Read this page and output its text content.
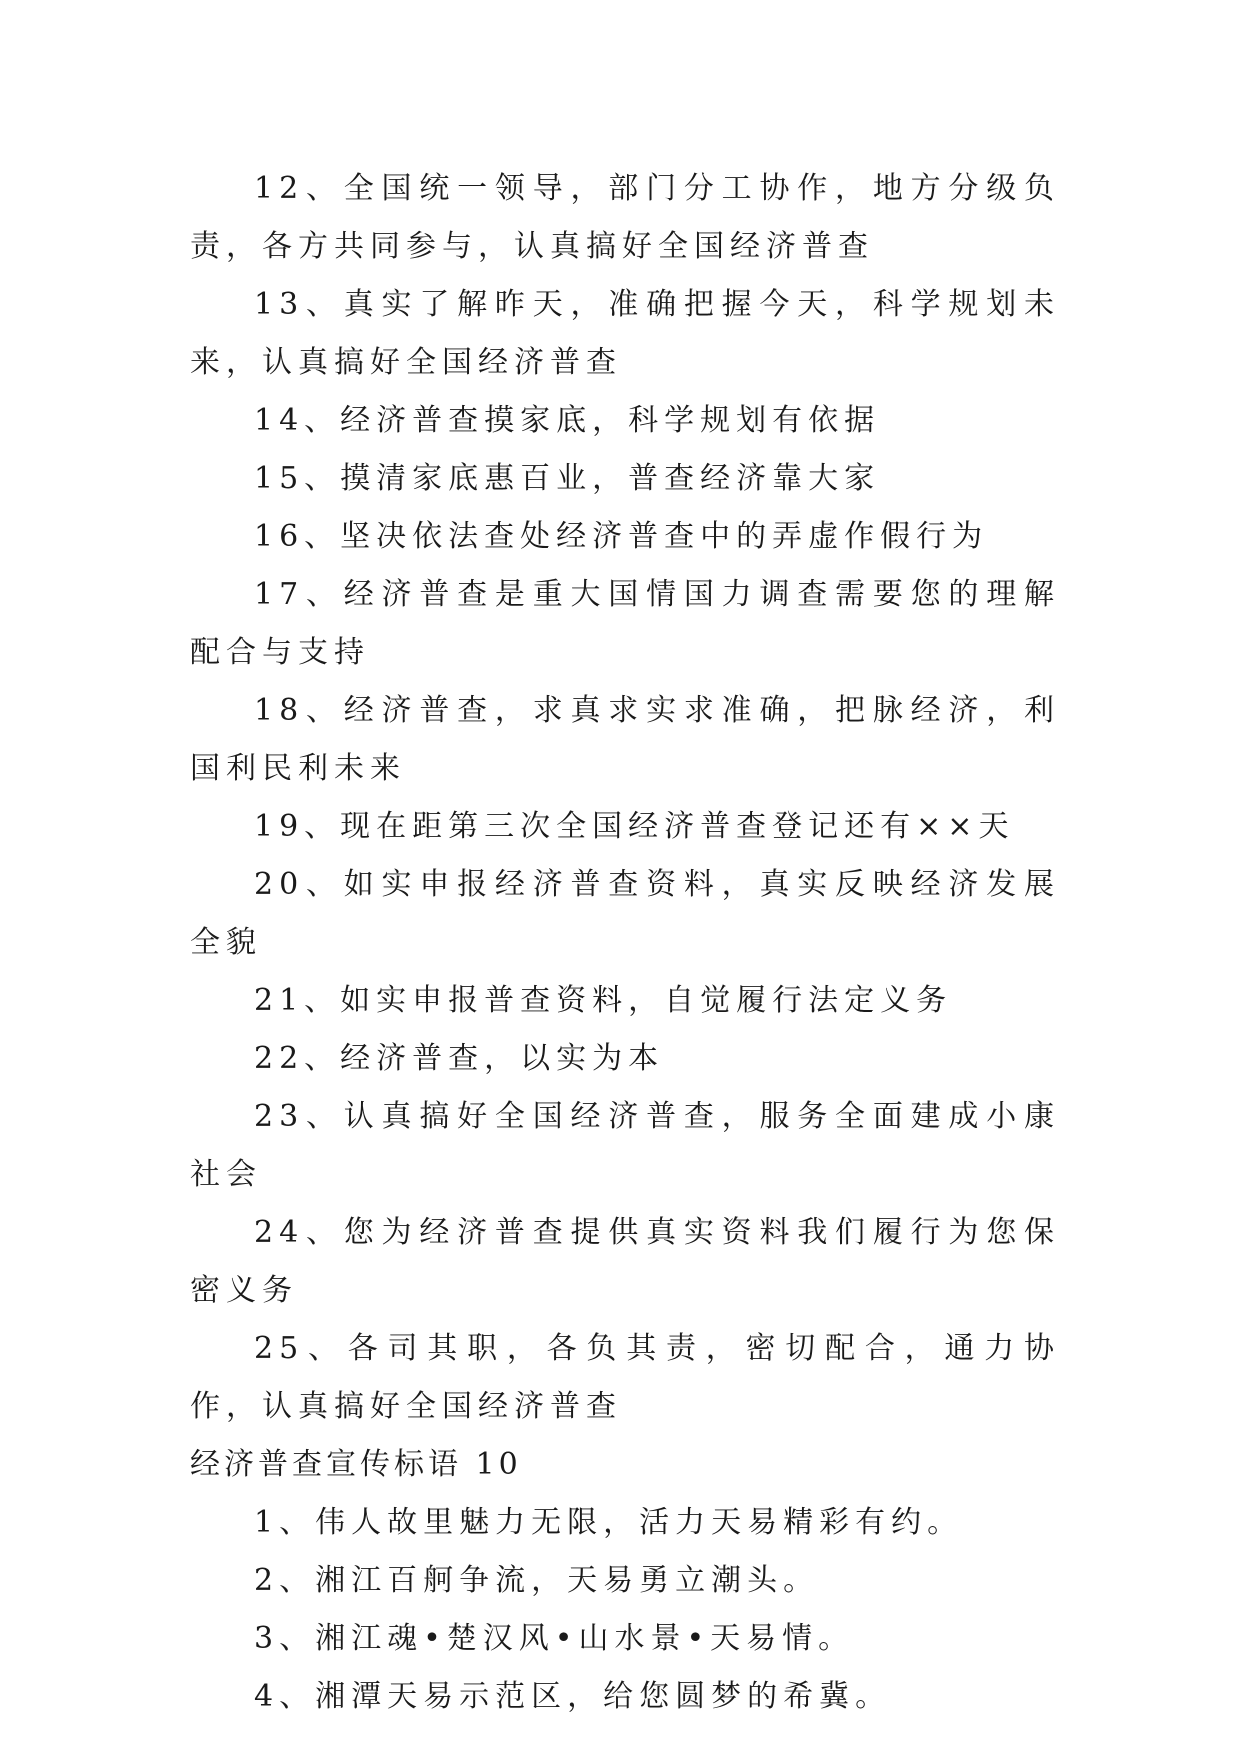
12、全国统一领导，部门分工协作，地方分级负责，各方共同参与，认真搞好全国经济普查

13、真实了解昨天，准确把握今天，科学规划未来，认真搞好全国经济普查

14、经济普查摸家底，科学规划有依据

15、摸清家底惠百业，普查经济靠大家

16、坚决依法查处经济普查中的弄虚作假行为

17、经济普查是重大国情国力调查需要您的理解配合与支持

18、经济普查，求真求实求准确，把脉经济，利国利民利未来

19、现在距第三次全国经济普查登记还有××天

20、如实申报经济普查资料，真实反映经济发展全貌

21、如实申报普查资料，自觉履行法定义务

22、经济普查，以实为本

23、认真搞好全国经济普查，服务全面建成小康社会

24、您为经济普查提供真实资料我们履行为您保密义务

25、各司其职，各负其责，密切配合，通力协作，认真搞好全国经济普查

经济普查宣传标语 10

1、伟人故里魅力无限，活力天易精彩有约。

2、湘江百舸争流，天易勇立潮头。

3、湘江魂•楚汉风•山水景•天易情。

4、湘潭天易示范区，给您圆梦的希冀。
